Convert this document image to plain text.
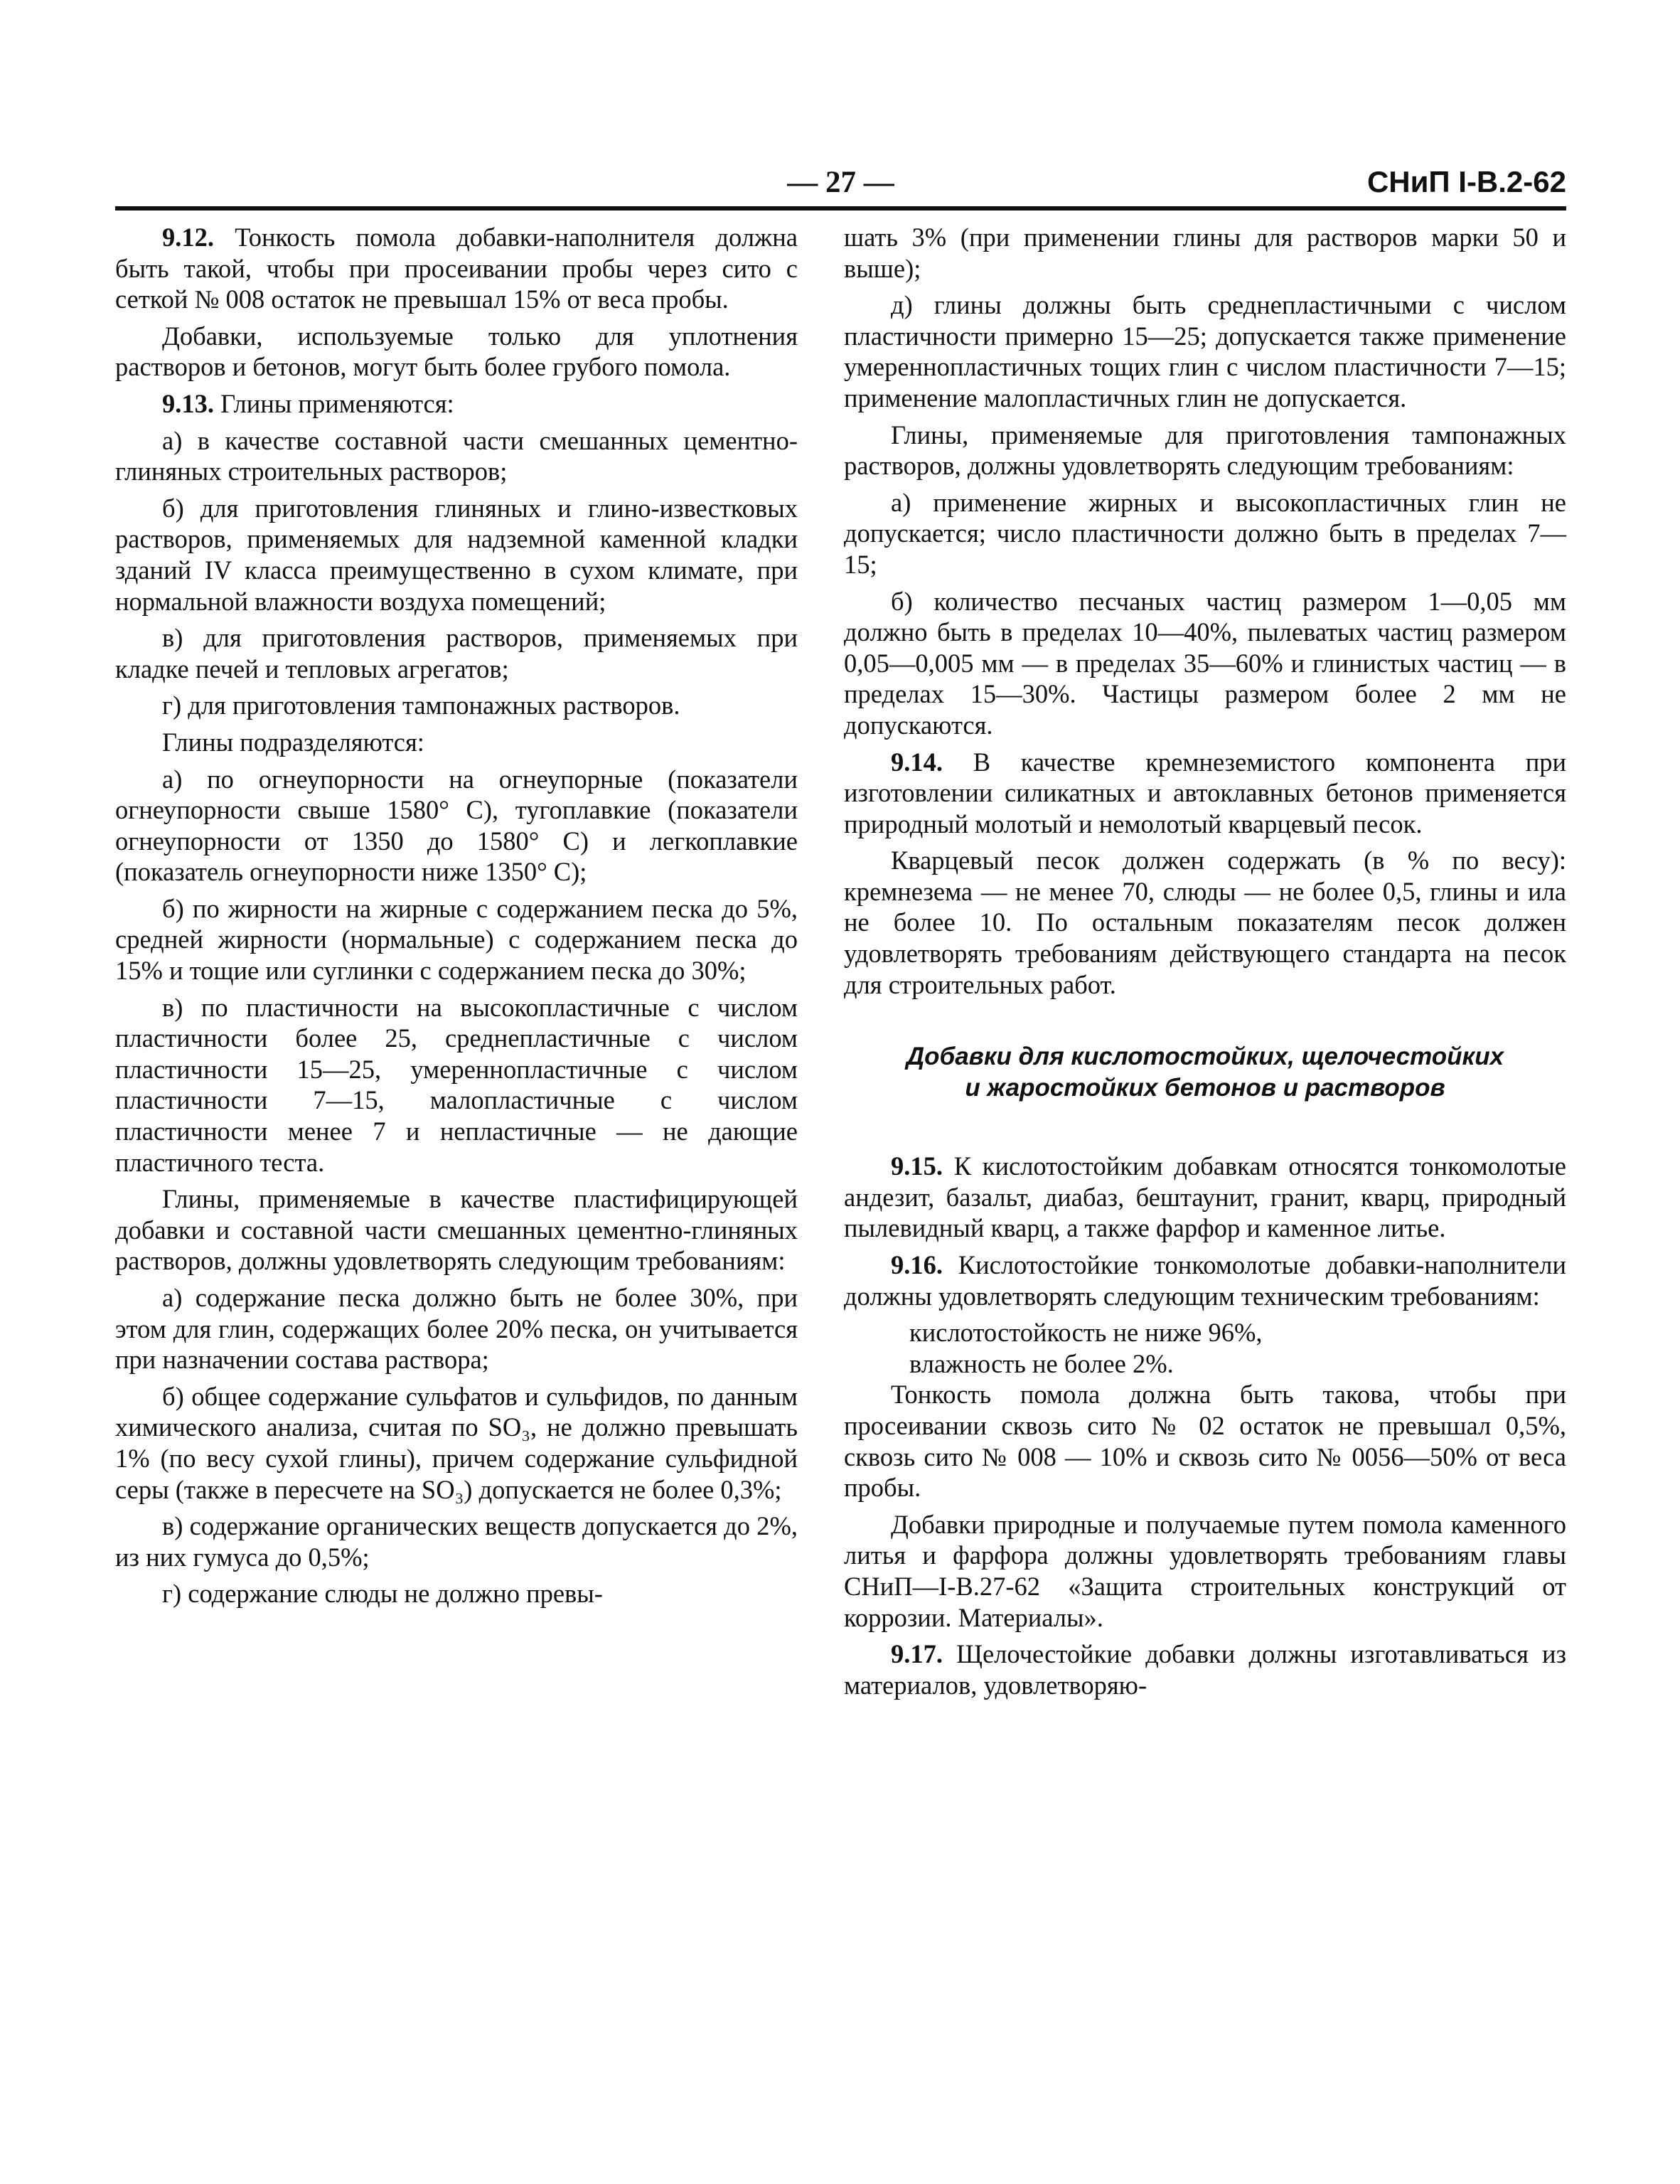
— 27 —	СНиП I-В.2-62

9.12. Тонкость помола добавки-наполнителя должна быть такой, чтобы при просеивании пробы через сито с сеткой № 008 остаток не превышал 15% от веса пробы.

Добавки, используемые только для уплотнения растворов и бетонов, могут быть более грубого помола.

9.13. Глины применяются:

а) в качестве составной части смешанных цементно-глиняных строительных растворов;

б) для приготовления глиняных и глино-известковых растворов, применяемых для надземной каменной кладки зданий IV класса преимущественно в сухом климате, при нормальной влажности воздуха помещений;

в) для приготовления растворов, применяемых при кладке печей и тепловых агрегатов;

г) для приготовления тампонажных растворов.

Глины подразделяются:

а) по огнеупорности на огнеупорные (показатели огнеупорности свыше 1580° С), тугоплавкие (показатели огнеупорности от 1350 до 1580° С) и легкоплавкие (показатель огнеупорности ниже 1350° С);

б) по жирности на жирные с содержанием песка до 5%, средней жирности (нормальные) с содержанием песка до 15% и тощие или суглинки с содержанием песка до 30%;

в) по пластичности на высокопластичные с числом пластичности более 25, среднепластичные с числом пластичности 15—25, умереннопластичные с числом пластичности 7—15, малопластичные с числом пластичности менее 7 и непластичные — не дающие пластичного теста.

Глины, применяемые в качестве пластифицирующей добавки и составной части смешанных цементно-глиняных растворов, должны удовлетворять следующим требованиям:

а) содержание песка должно быть не более 30%, при этом для глин, содержащих более 20% песка, он учитывается при назначении состава раствора;

б) общее содержание сульфатов и сульфидов, по данным химического анализа, считая по SO₃, не должно превышать 1% (по весу сухой глины), причем содержание сульфидной серы (также в пересчете на SO₃) допускается не более 0,3%;

в) содержание органических веществ допускается до 2%, из них гумуса до 0,5%;

г) содержание слюды не должно превы-

шать 3% (при применении глины для растворов марки 50 и выше);

д) глины должны быть среднепластичными с числом пластичности примерно 15—25; допускается также применение умереннопластичных тощих глин с числом пластичности 7—15; применение малопластичных глин не допускается.

Глины, применяемые для приготовления тампонажных растворов, должны удовлетворять следующим требованиям:

а) применение жирных и высокопластичных глин не допускается; число пластичности должно быть в пределах 7—15;

б) количество песчаных частиц размером 1—0,05 мм должно быть в пределах 10—40%, пылеватых частиц размером 0,05—0,005 мм — в пределах 35—60% и глинистых частиц — в пределах 15—30%. Частицы размером более 2 мм не допускаются.

9.14. В качестве кремнеземистого компонента при изготовлении силикатных и автоклавных бетонов применяется природный молотый и немолотый кварцевый песок.

Кварцевый песок должен содержать (в % по весу): кремнезема — не менее 70, слюды — не более 0,5, глины и ила не более 10. По остальным показателям песок должен удовлетворять требованиям действующего стандарта на песок для строительных работ.

Добавки для кислотостойких, щелочестойких
и жаростойких бетонов и растворов

9.15. К кислотостойким добавкам относятся тонкомолотые андезит, базальт, диабаз, бештаунит, гранит, кварц, природный пылевидный кварц, а также фарфор и каменное литье.

9.16. Кислотостойкие тонкомолотые добавки-наполнители должны удовлетворять следующим техническим требованиям:

кислотостойкость не ниже 96%,

влажность не более 2%.

Тонкость помола должна быть такова, чтобы при просеивании сквозь сито № 02 остаток не превышал 0,5%, сквозь сито № 008 — 10% и сквозь сито № 0056—50% от веса пробы.

Добавки природные и получаемые путем помола каменного литья и фарфора должны удовлетворять требованиям главы СНиП—I-В.27-62 «Защита строительных конструкций от коррозии. Материалы».

9.17. Щелочестойкие добавки должны изготавливаться из материалов, удовлетворяю-
